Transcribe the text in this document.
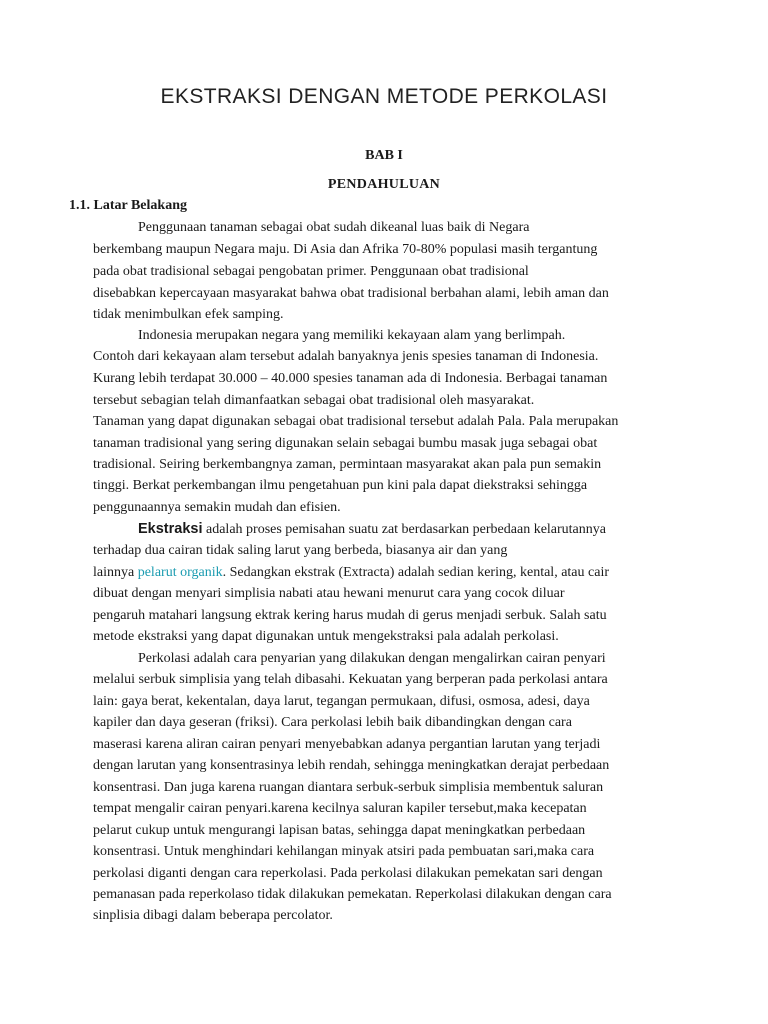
EKSTRAKSI DENGAN METODE PERKOLASI

BAB I

PENDAHULUAN

1.1. Latar Belakang

Penggunaan tanaman sebagai obat sudah dikeanal luas baik di Negara

berkembang maupun Negara maju. Di Asia dan Afrika 70-80% populasi masih tergantung

pada obat tradisional sebagai pengobatan primer. Penggunaan obat tradisional

disebabkan kepercayaan masyarakat bahwa obat tradisional berbahan alami, lebih aman dan

tidak menimbulkan efek samping.

Indonesia merupakan negara yang memiliki kekayaan alam yang berlimpah.

Contoh dari kekayaan alam tersebut adalah banyaknya jenis spesies tanaman di Indonesia.

Kurang lebih terdapat 30.000 – 40.000 spesies tanaman ada di Indonesia. Berbagai tanaman

tersebut sebagian telah dimanfaatkan sebagai obat tradisional oleh masyarakat.

Tanaman yang dapat digunakan sebagai obat tradisional tersebut adalah Pala. Pala merupakan

tanaman tradisional yang sering digunakan selain sebagai bumbu masak juga sebagai obat

tradisional. Seiring berkembangnya zaman, permintaan masyarakat akan pala pun semakin

tinggi. Berkat perkembangan ilmu pengetahuan pun kini pala dapat diekstraksi sehingga

penggunaannya semakin mudah dan efisien.

Ekstraksi adalah proses pemisahan suatu zat berdasarkan perbedaan kelarutannya

terhadap dua cairan tidak saling larut yang berbeda, biasanya air dan yang

lainnya pelarut organik. Sedangkan ekstrak (Extracta) adalah sedian kering, kental, atau cair

dibuat dengan menyari simplisia nabati atau hewani menurut cara yang cocok diluar

pengaruh matahari langsung ektrak kering harus mudah di gerus menjadi serbuk. Salah satu

metode ekstraksi yang dapat digunakan untuk mengekstraksi pala adalah perkolasi.

Perkolasi adalah cara penyarian yang dilakukan dengan mengalirkan cairan penyari

melalui serbuk simplisia yang telah dibasahi. Kekuatan yang berperan pada perkolasi antara

lain: gaya berat, kekentalan, daya larut, tegangan permukaan, difusi, osmosa, adesi, daya

kapiler dan daya geseran (friksi). Cara perkolasi lebih baik dibandingkan dengan cara

maserasi karena aliran cairan penyari menyebabkan adanya pergantian larutan yang terjadi

dengan larutan yang konsentrasinya lebih rendah, sehingga meningkatkan derajat perbedaan

konsentrasi. Dan juga karena ruangan diantara serbuk-serbuk simplisia membentuk saluran

tempat mengalir cairan penyari.karena kecilnya saluran kapiler tersebut,maka kecepatan

pelarut cukup untuk mengurangi lapisan batas, sehingga dapat meningkatkan perbedaan

konsentrasi. Untuk menghindari kehilangan minyak atsiri pada pembuatan sari,maka cara

perkolasi diganti dengan cara reperkolasi. Pada perkolasi dilakukan pemekatan sari dengan

pemanasan pada reperkolaso tidak dilakukan pemekatan. Reperkolasi dilakukan dengan cara

sinplisia dibagi dalam beberapa percolator.
